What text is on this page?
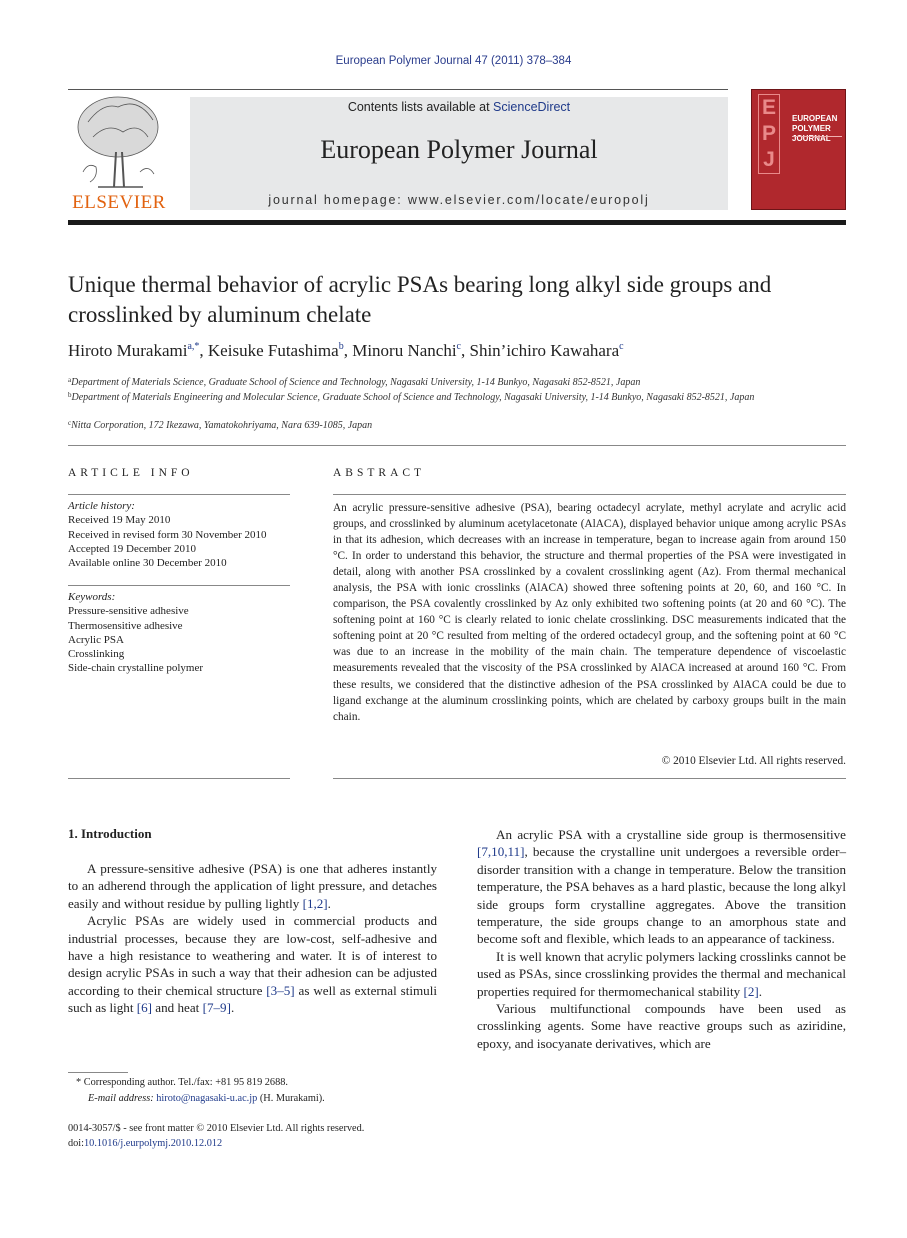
European Polymer Journal 47 (2011) 378–384
ELSEVIER
Contents lists available at ScienceDirect
European Polymer Journal
journal homepage: www.elsevier.com/locate/europolj
E
P
J
EUROPEAN
POLYMER
JOURNAL
Unique thermal behavior of acrylic PSAs bearing long alkyl side groups and crosslinked by aluminum chelate
Hiroto Murakami$^{a,*}$, Keisuke Futashima$^b$, Minoru Nanchi$^c$, Shin’ichiro Kawahara$^c$
$^a$Department of Materials Science, Graduate School of Science and Technology, Nagasaki University, 1-14 Bunkyo, Nagasaki 852-8521, Japan
$^b$Department of Materials Engineering and Molecular Science, Graduate School of Science and Technology, Nagasaki University, 1-14 Bunkyo, Nagasaki 852-8521, Japan
$^c$Nitta Corporation, 172 Ikezawa, Yamatokohriyama, Nara 639-1085, Japan
ARTICLE INFO
Article history:
Received 19 May 2010
Received in revised form 30 November 2010
Accepted 19 December 2010
Available online 30 December 2010
Keywords:
Pressure-sensitive adhesive
Thermosensitive adhesive
Acrylic PSA
Crosslinking
Side-chain crystalline polymer
ABSTRACT
An acrylic pressure-sensitive adhesive (PSA), bearing octadecyl acrylate, methyl acrylate and acrylic acid groups, and crosslinked by aluminum acetylacetonate (AlACA), displayed behavior unique among acrylic PSAs in that its adhesion, which decreases with an increase in temperature, began to increase again from around 150 °C. In order to understand this behavior, the structure and thermal properties of the PSA were investigated in detail, along with another PSA crosslinked by a covalent crosslinking agent (Az). From thermal mechanical analysis, the PSA with ionic crosslinks (AlACA) showed three softening points at 20, 60, and 160 °C. In comparison, the PSA covalently crosslinked by Az only exhibited two softening points (at 20 and 60 °C). The softening point at 160 °C is clearly related to ionic chelate crosslinking. DSC measurements indicated that the softening point at 20 °C resulted from melting of the ordered octadecyl group, and the softening point at 60 °C was due to an increase in the mobility of the main chain. The temperature dependence of viscoelastic measurements revealed that the viscosity of the PSA crosslinked by AlACA increased at around 160 °C. From these results, we considered that the distinctive adhesion of the PSA crosslinked by AlACA could be due to ligand exchange at the aluminum crosslinking points, which are chelated by carboxy groups built in the main chain.
© 2010 Elsevier Ltd. All rights reserved.
1. Introduction

A pressure-sensitive adhesive (PSA) is one that adheres instantly to an adherend through the application of light pressure, and detaches easily and without residue by pulling lightly [1,2].

Acrylic PSAs are widely used in commercial products and industrial processes, because they are low-cost, self-adhesive and have a high resistance to weathering and water. It is of interest to design acrylic PSAs in such a way that their adhesion can be adjusted according to their chemical structure [3–5] as well as external stimuli such as light [6] and heat [7–9].

An acrylic PSA with a crystalline side group is thermosensitive [7,10,11], because the crystalline unit undergoes a reversible order–disorder transition with a change in temperature. Below the transition temperature, the PSA behaves as a hard plastic, because the long alkyl side groups form crystalline aggregates. Above the transition temperature, the side groups change to an amorphous state and become soft and flexible, which leads to an appearance of tackiness.

It is well known that acrylic polymers lacking crosslinks cannot be used as PSAs, since crosslinking provides the thermal and mechanical properties required for thermomechanical stability [2].

Various multifunctional compounds have been used as crosslinking agents. Some have reactive groups such as aziridine, epoxy, and isocyanate derivatives, which are

* Corresponding author. Tel./fax: +81 95 819 2688.
E-mail address: hiroto@nagasaki-u.ac.jp (H. Murakami).
0014-3057/$ - see front matter © 2010 Elsevier Ltd. All rights reserved.
doi:10.1016/j.eurpolymj.2010.12.012
